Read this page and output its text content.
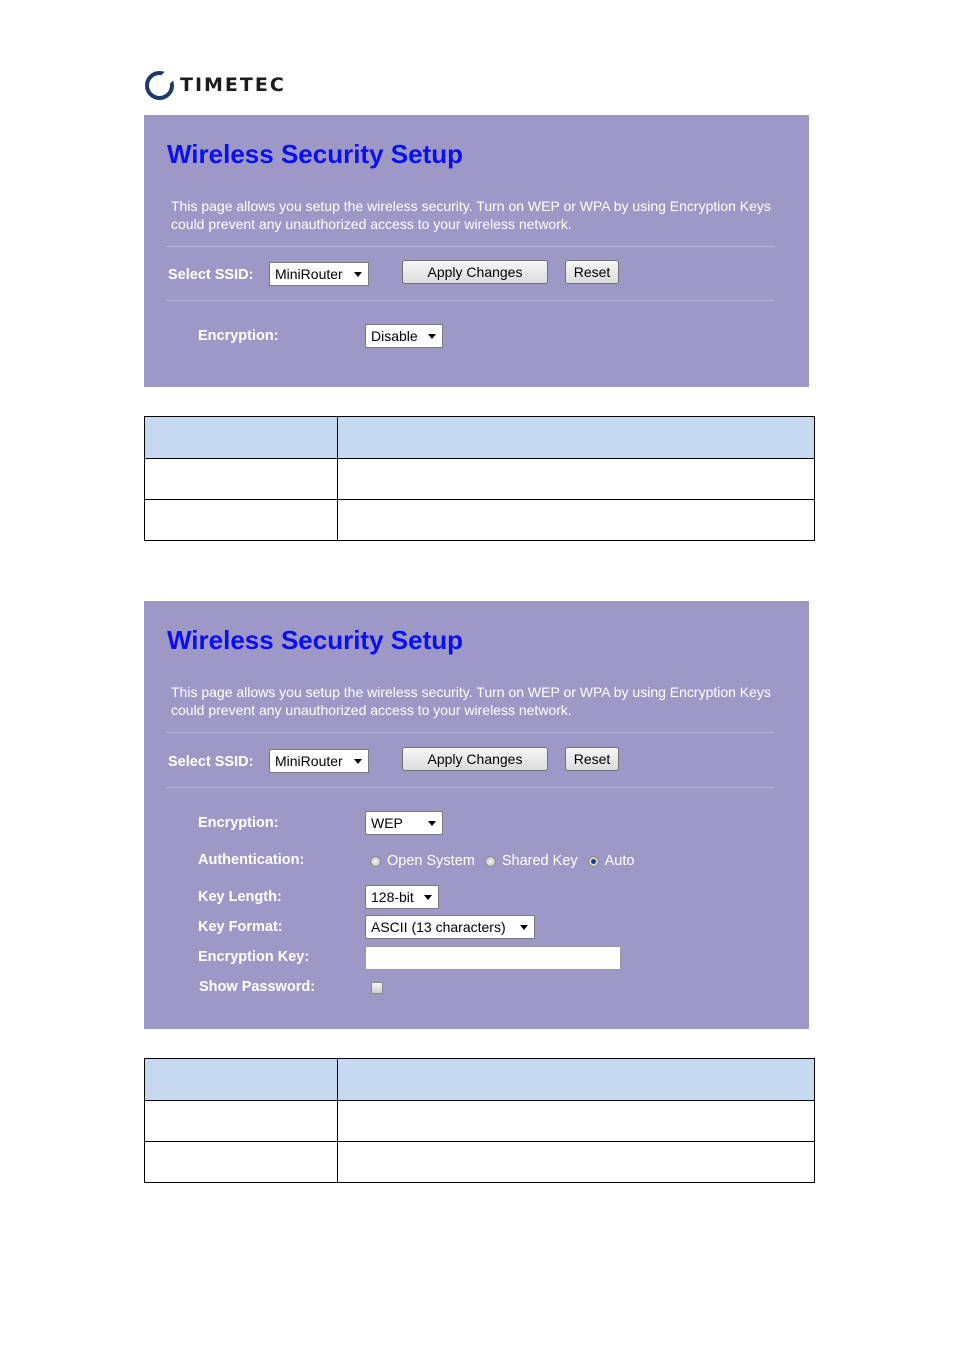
TIMETEC
Wireless Security Setup
This page allows you setup the wireless security. Turn on WEP or WPA by using Encryption Keys could prevent any unauthorized access to your wireless network.
Select SSID:	MiniRouter	Apply Changes	Reset
Encryption:	Disable

Wireless Security Setup
This page allows you setup the wireless security. Turn on WEP or WPA by using Encryption Keys could prevent any unauthorized access to your wireless network.
Select SSID:	MiniRouter	Apply Changes	Reset
Encryption:	WEP
Authentication:	Open System Shared Key Auto
Key Length:	128-bit
Key Format:	ASCII (13 characters)
Encryption Key:
Show Password:
